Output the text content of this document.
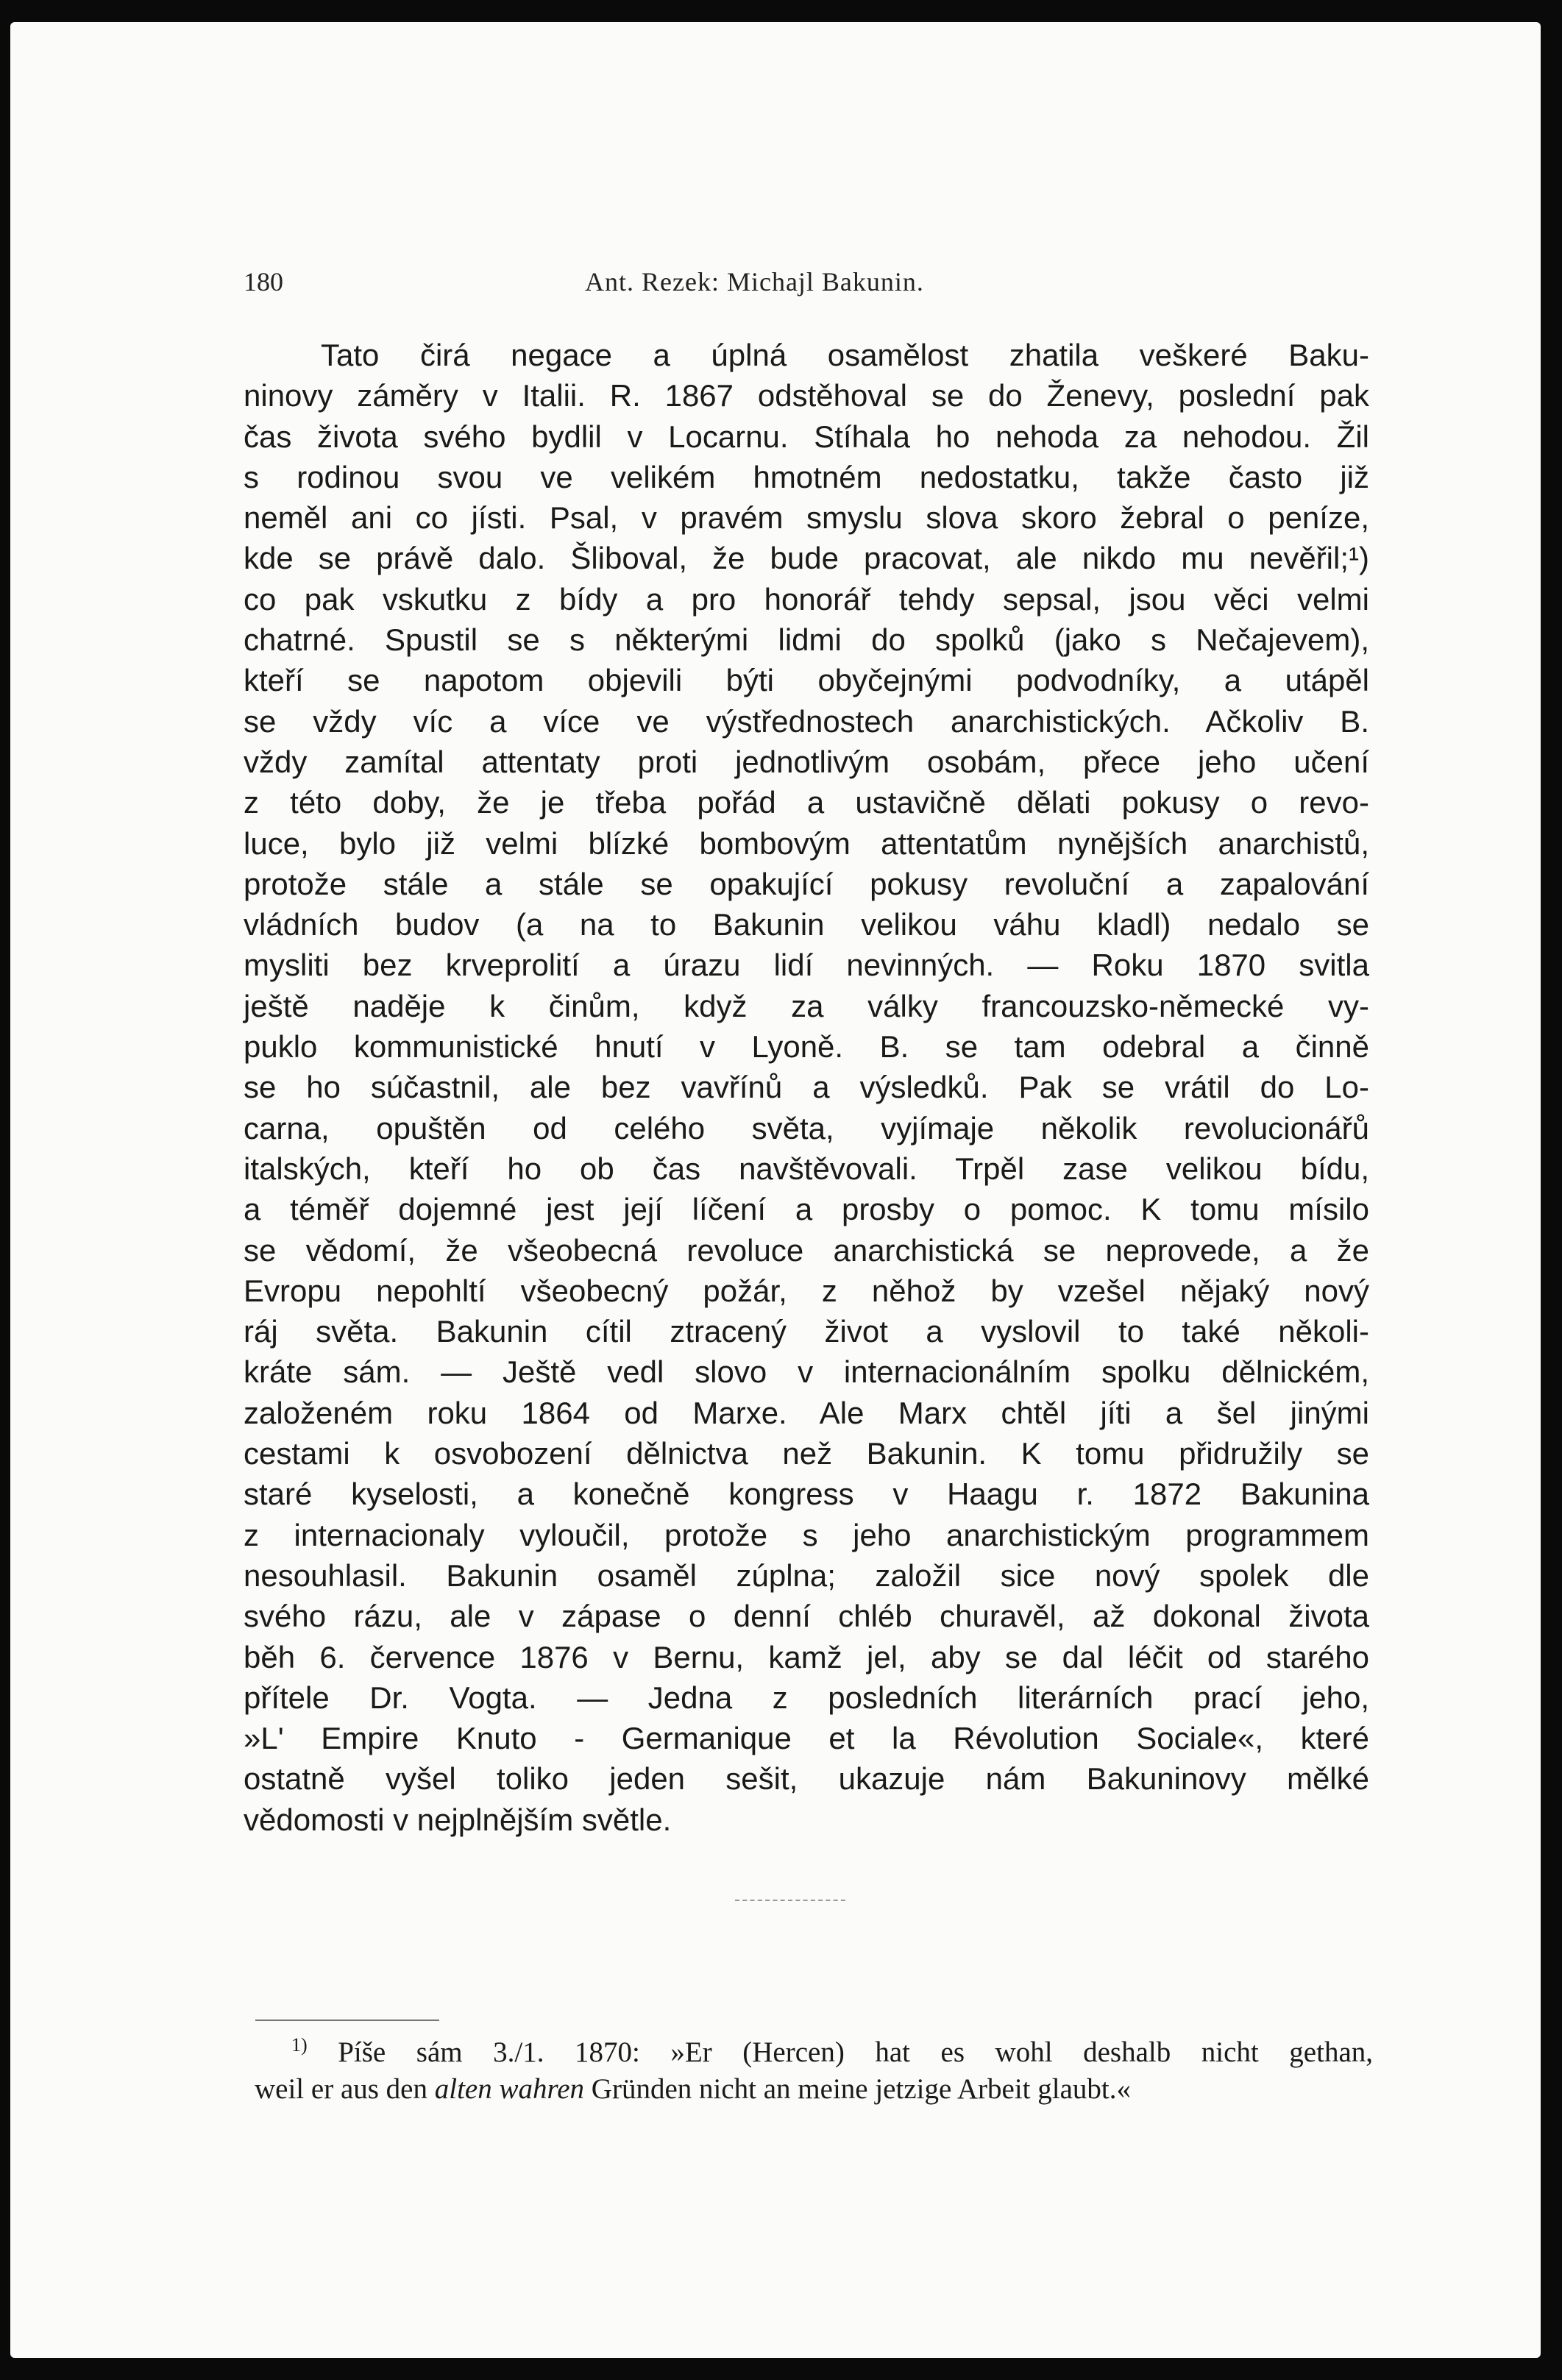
180	Ant. Rezek: Michajl Bakunin.
Tato čirá negace a úplná osamělost zhatila veškeré Baku-
ninovy záměry v Italii. R. 1867 odstěhoval se do Ženevy, poslední pak
čas života svého bydlil v Locarnu. Stíhala ho nehoda za nehodou. Žil
s rodinou svou ve velikém hmotném nedostatku, takže často již
neměl ani co jísti. Psal, v pravém smyslu slova skoro žebral o peníze,
kde se právě dalo. Šliboval, že bude pracovat, ale nikdo mu nevěřil;¹)
co pak vskutku z bídy a pro honorář tehdy sepsal, jsou věci velmi
chatrné. Spustil se s některými lidmi do spolků (jako s Nečajevem),
kteří se napotom objevili býti obyčejnými podvodníky, a utápěl
se vždy víc a více ve výstřednostech anarchistických. Ačkoliv B.
vždy zamítal attentaty proti jednotlivým osobám, přece jeho učení
z této doby, že je třeba pořád a ustavičně dělati pokusy o revo-
luce, bylo již velmi blízké bombovým attentatům nynějších anarchistů,
protože stále a stále se opakující pokusy revoluční a zapalování
vládních budov (a na to Bakunin velikou váhu kladl) nedalo se
mysliti bez krveprolití a úrazu lidí nevinných. — Roku 1870 svitla
ještě naděje k činům, když za války francouzsko-německé vy-
puklo kommunistické hnutí v Lyoně. B. se tam odebral a činně
se ho súčastnil, ale bez vavřínů a výsledků. Pak se vrátil do Lo-
carna, opuštěn od celého světa, vyjímaje několik revolucionářů
italských, kteří ho ob čas navštěvovali. Trpěl zase velikou bídu,
a téměř dojemné jest její líčení a prosby o pomoc. K tomu mísilo
se vědomí, že všeobecná revoluce anarchistická se neprovede, a že
Evropu nepohltí všeobecný požár, z něhož by vzešel nějaký nový
ráj světa. Bakunin cítil ztracený život a vyslovil to také několi-
kráte sám. — Ještě vedl slovo v internacionálním spolku dělnickém,
založeném roku 1864 od Marxe. Ale Marx chtěl jíti a šel jinými
cestami k osvobození dělnictva než Bakunin. K tomu přidružily se
staré kyselosti, a konečně kongress v Haagu r. 1872 Bakunina
z internacionaly vyloučil, protože s jeho anarchistickým programmem
nesouhlasil. Bakunin osaměl zúplna; založil sice nový spolek dle
svého rázu, ale v zápase o denní chléb churavěl, až dokonal života
běh 6. července 1876 v Bernu, kamž jel, aby se dal léčit od starého
přítele Dr. Vogta. — Jedna z posledních literárních prací jeho,
»L' Empire Knuto - Germanique et la Révolution Sociale«, které
ostatně vyšel toliko jeden sešit, ukazuje nám Bakuninovy mělké
vědomosti v nejplnějším světle.
$^{1)}$ Píše sám 3./1. 1870: »Er (Hercen) hat es wohl deshalb nicht gethan,
weil er aus den alten wahren Gründen nicht an meine jetzige Arbeit glaubt.«
